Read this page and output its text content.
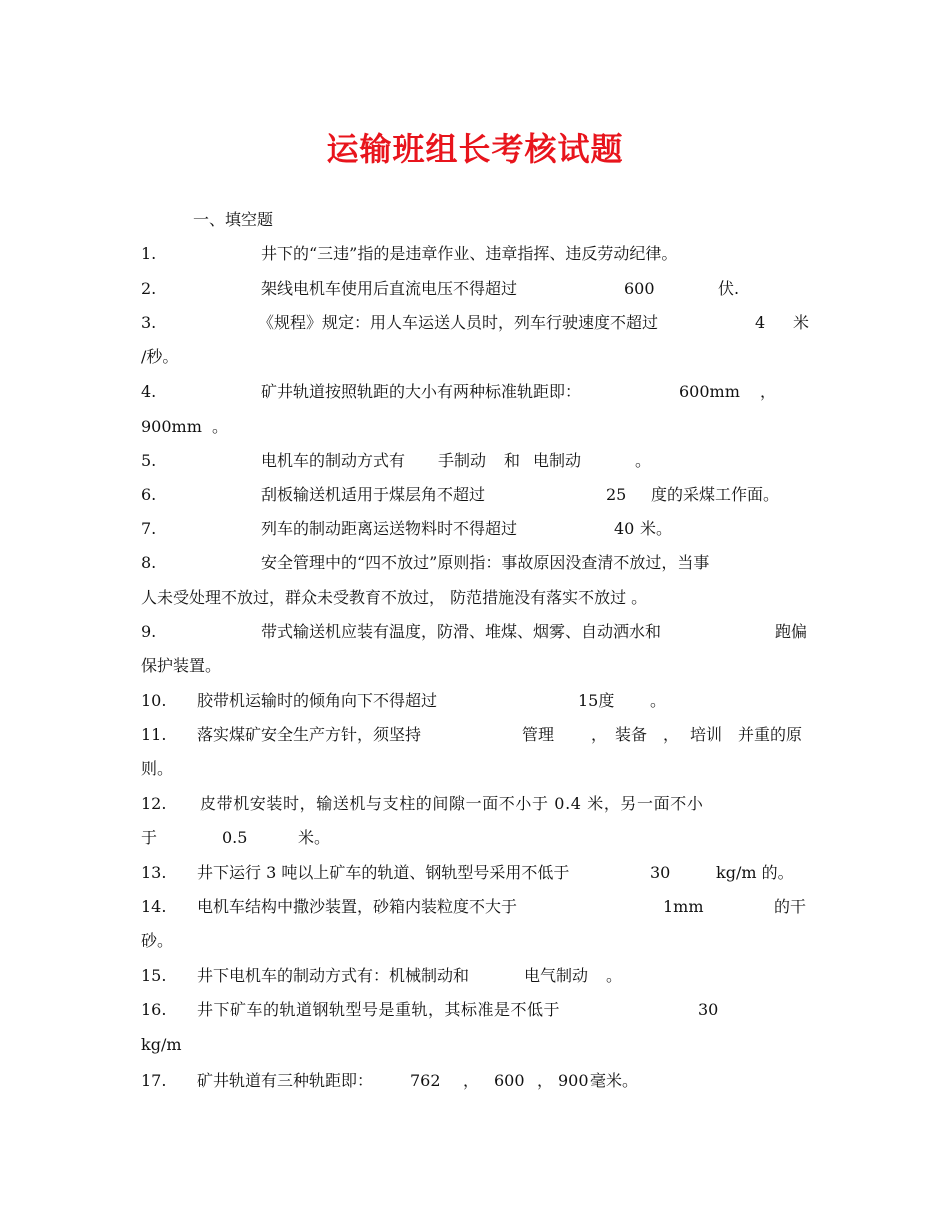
运输班组长考核试题
一、填空题
1.	井下的“三违”指的是违章作业、违章指挥、违反劳动纪律。
2.	架线电机车使用后直流电压不得超过	600	伏.
3.	《规程》规定：用人车运送人员时，列车行驶速度不超过	4 米
/秒。
4.	矿井轨道按照轨距的大小有两种标准轨距即：	600mm ，
900mm 。
5.	电机车的制动方式有 手制动 和 电制动	。
6.	刮板输送机适用于煤层角不超过	25 度的采煤工作面。
7.	列车的制动距离运送物料时不得超过	40 米。
8.	安全管理中的“四不放过”原则指：事故原因没查清不放过，当事
人未受处理不放过，群众未受教育不放过， 防范措施没有落实不放过 。
9.	带式输送机应装有温度，防滑、堆煤、烟雾、自动洒水和	跑偏
保护装置。
10. 胶带机运输时的倾角向下不得超过	15度 。
11. 落实煤矿安全生产方针，须坚持	管理 ， 装备 ， 培训 并重的原
则。
12. 皮带机安装时，输送机与支柱的间隙一面不小于 0.4 米，另一面不小
于	0.5	米。
13. 井下运行 3 吨以上矿车的轨道、钢轨型号采用不低于	30	kg/m 的。
14. 电机车结构中撒沙装置，砂箱内装粒度不大于	1mm	的干
砂。
15. 井下电机车的制动方式有：机械制动和	电气制动 。
16. 井下矿车的轨道钢轨型号是重轨，其标准是不低于	30
kg/m
17. 矿井轨道有三种轨距即： 762 ， 600 ， 900 毫米。
